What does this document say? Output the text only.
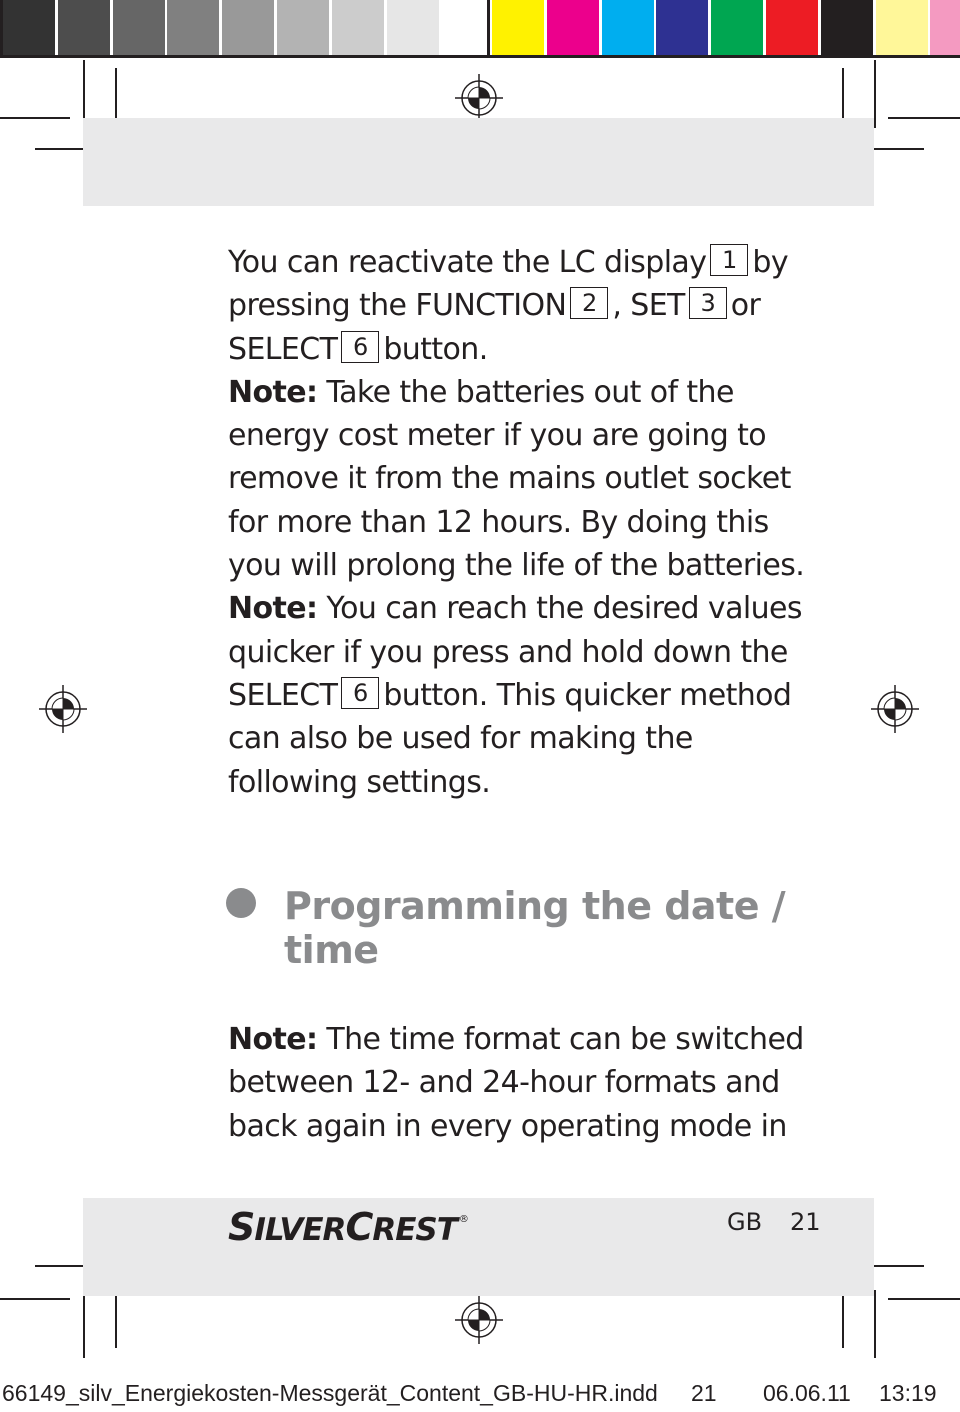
You can reactivate the LC display 1 by pressing the FUNCTION 2 , SET 3 or SELECT 6 button.

Note: Take the batteries out of the energy cost meter if you are going to remove it from the mains outlet socket for more than 12 hours. By doing this you will prolong the life of the batteries.

Note: You can reach the desired values quicker if you press and hold down the SELECT 6 button. This quicker method can also be used for making the following settings.

Programming the date / time

Note: The time format can be switched between 12- and 24-hour formats and back again in every operating mode in

SILVERCREST ®	GB 21
66149_silv_Energiekosten-Messgerät_Content_GB-HU-HR.indd 21 06.06.11 13:19
